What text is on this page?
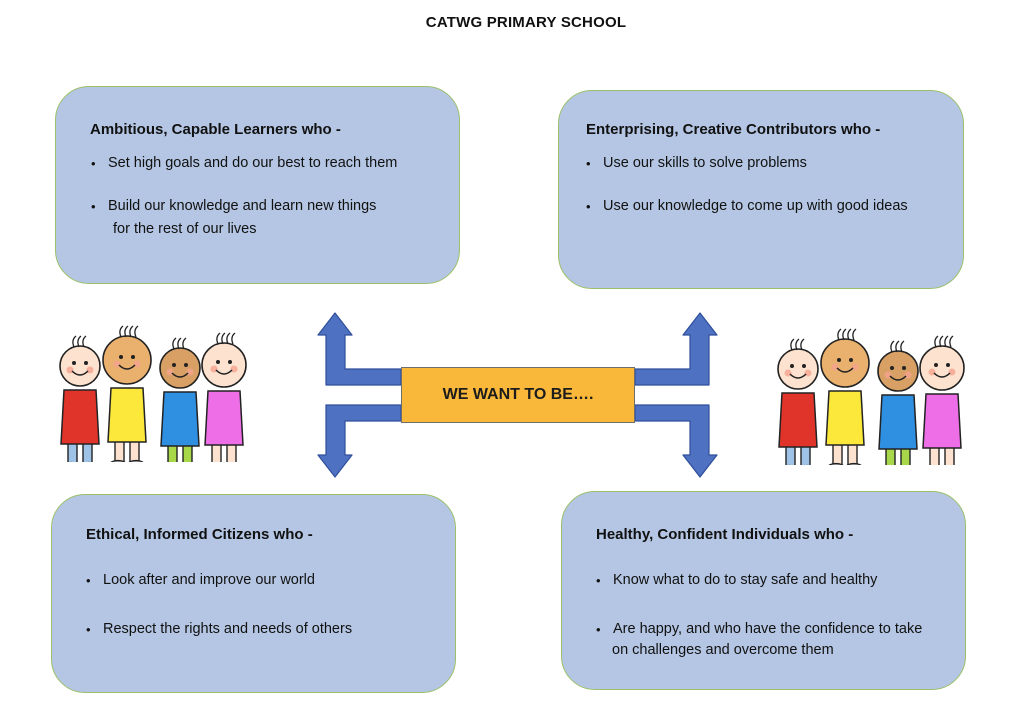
CATWG PRIMARY SCHOOL
Ambitious, Capable Learners who -
• Set high goals and do our best to reach them
• Build our knowledge and learn new things
for the rest of our lives
Enterprising, Creative Contributors who -
• Use our skills to solve problems
• Use our knowledge to come up with good ideas
Ethical, Informed Citizens who -
• Look after and improve our world
• Respect the rights and needs of others
Healthy, Confident Individuals who -
• Know what to do to stay safe and healthy
• Are happy, and who have the confidence to take
on challenges and overcome them
WE WANT TO BE….
